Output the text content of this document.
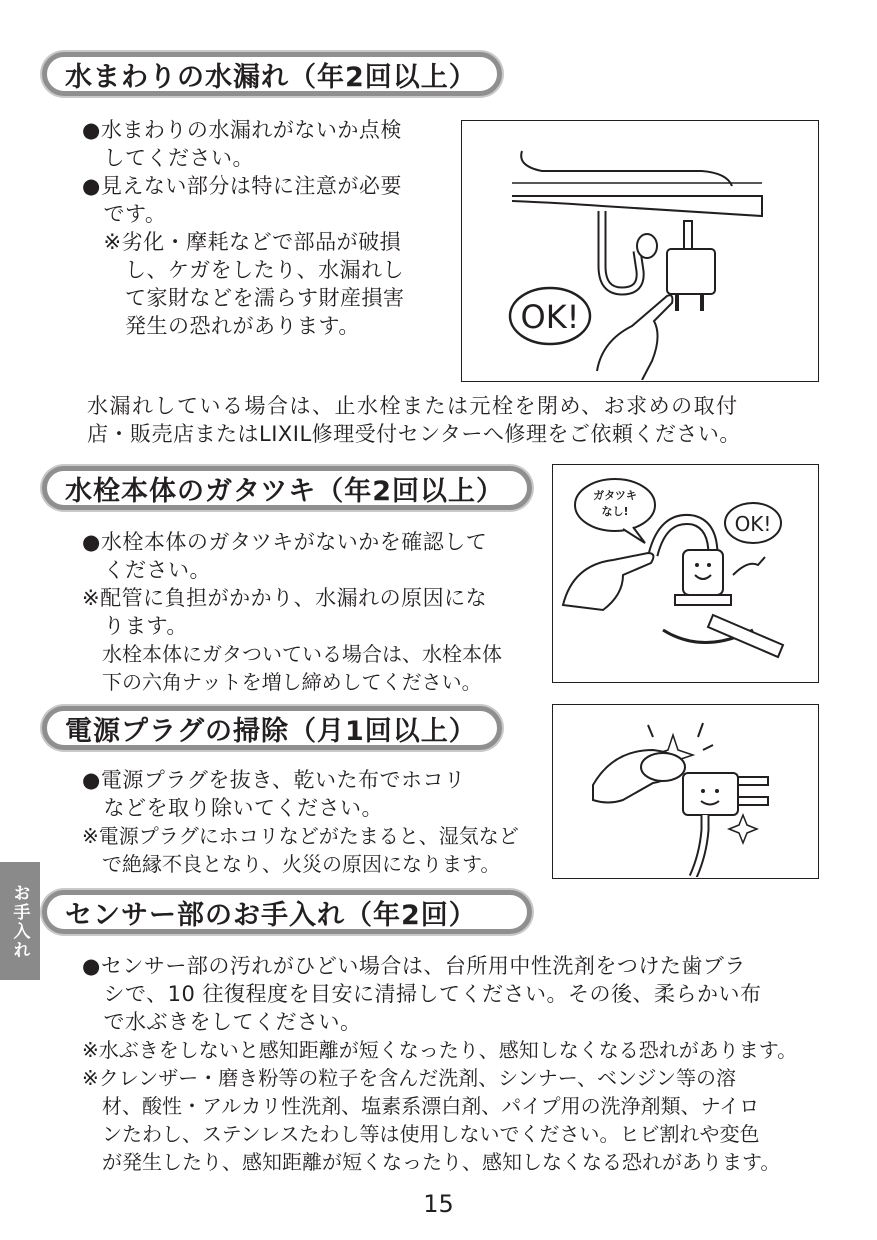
水まわりの水漏れ（年2回以上）
●水まわりの水漏れがないか点検
　してください。
●見えない部分は特に注意が必要
　です。
　※劣化・摩耗などで部品が破損
　　し、ケガをしたり、水漏れし
　　て家財などを濡らす財産損害
　　発生の恐れがあります。	OK!
水漏れしている場合は、止水栓または元栓を閉め、お求めの取付
店・販売店またはLIXIL修理受付センターへ修理をご依頼ください。
水栓本体のガタツキ（年2回以上）
●水栓本体のガタツキがないかを確認して
　ください。
※配管に負担がかかり、水漏れの原因にな
　ります。
　水栓本体にガタついている場合は、水栓本体
　下の六角ナットを増し締めしてください。
ガタツキ
なし!
OK!
電源プラグの掃除（月1回以上）
●電源プラグを抜き、乾いた布でホコリ
　などを取り除いてください。
※電源プラグにホコリなどがたまると、湿気など
　で絶縁不良となり、火災の原因になります。
お手入れ	センサー部のお手入れ（年2回）
●センサー部の汚れがひどい場合は、台所用中性洗剤をつけた歯ブラ
　シで、10 往復程度を目安に清掃してください。その後、柔らかい布
　で水ぶきをしてください。
※水ぶきをしないと感知距離が短くなったり、感知しなくなる恐れがあります。
※クレンザー・磨き粉等の粒子を含んだ洗剤、シンナー、ベンジン等の溶
　材、酸性・アルカリ性洗剤、塩素系漂白剤、パイプ用の洗浄剤類、ナイロ
　ンたわし、ステンレスたわし等は使用しないでください。ヒビ割れや変色
　が発生したり、感知距離が短くなったり、感知しなくなる恐れがあります。
15
